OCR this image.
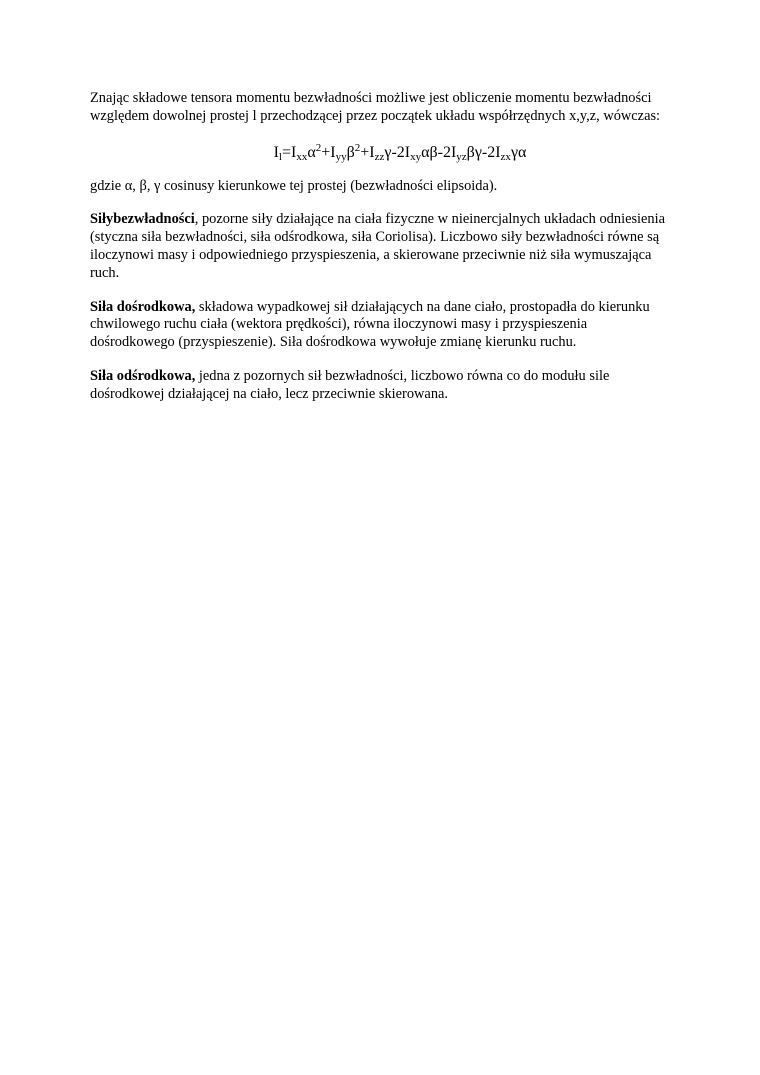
Znając składowe tensora momentu bezwładności możliwe jest obliczenie momentu bezwładności względem dowolnej prostej l przechodzącej przez początek układu współrzędnych x,y,z, wówczas:

$I_l=I_{xx}\alpha^2+I_{yy}\beta^2+I_{zz}\gamma-2I_{xy}\alpha\beta-2I_{yz}\beta\gamma-2I_{zx}\gamma\alpha$

gdzie α, β, γ cosinusy kierunkowe tej prostej (bezwładności elipsoida).

Siłybezwładności, pozorne siły działające na ciała fizyczne w nieinercjalnych układach odniesienia (styczna siła bezwładności, siła odśrodkowa, siła Coriolisa). Liczbowo siły bezwładności równe są iloczynowi masy i odpowiedniego przyspieszenia, a skierowane przeciwnie niż siła wymuszająca ruch.

Siła dośrodkowa, składowa wypadkowej sił działających na dane ciało, prostopadła do kierunku chwilowego ruchu ciała (wektora prędkości), równa iloczynowi masy i przyspieszenia dośrodkowego (przyspieszenie). Siła dośrodkowa wywołuje zmianę kierunku ruchu.

Siła odśrodkowa, jedna z pozornych sił bezwładności, liczbowo równa co do modułu sile dośrodkowej działającej na ciało, lecz przeciwnie skierowana.
